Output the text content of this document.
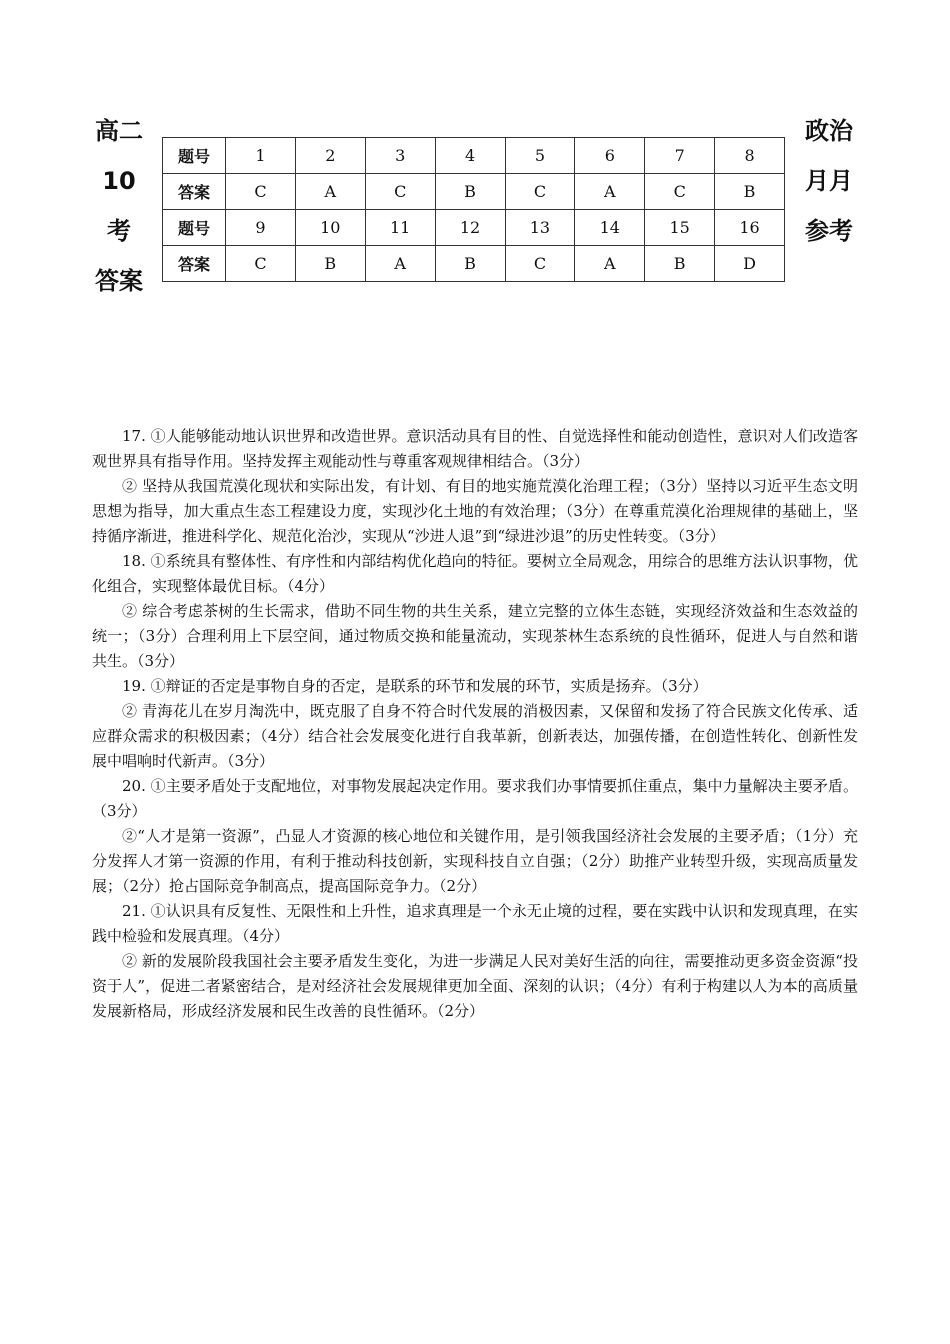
高二
10
考
答案
政治
月月
参考
题号	1	2	3	4	5	6	7	8
答案	C	A	C	B	C	A	C	B
题号	9	10	11	12	13	14	15	16
答案	C	B	A	B	C	A	B	D

17. ①人能够能动地认识世界和改造世界。意识活动具有目的性、自觉选择性和能动创造性，意识对人们改造客观世界具有指导作用。坚持发挥主观能动性与尊重客观规律相结合。（3分）

② 坚持从我国荒漠化现状和实际出发，有计划、有目的地实施荒漠化治理工程；（3分）坚持以习近平生态文明思想为指导，加大重点生态工程建设力度，实现沙化土地的有效治理；（3分）在尊重荒漠化治理规律的基础上，坚持循序渐进，推进科学化、规范化治沙，实现从“沙进人退”到“绿进沙退”的历史性转变。（3分）

18. ①系统具有整体性、有序性和内部结构优化趋向的特征。要树立全局观念，用综合的思维方法认识事物，优化组合，实现整体最优目标。（4分）

② 综合考虑茶树的生长需求，借助不同生物的共生关系，建立完整的立体生态链，实现经济效益和生态效益的统一；（3分）合理利用上下层空间，通过物质交换和能量流动，实现茶林生态系统的良性循环，促进人与自然和谐共生。（3分）

19. ①辩证的否定是事物自身的否定，是联系的环节和发展的环节，实质是扬弃。（3分）

② 青海花儿在岁月淘洗中，既克服了自身不符合时代发展的消极因素，又保留和发扬了符合民族文化传承、适应群众需求的积极因素；（4分）结合社会发展变化进行自我革新，创新表达，加强传播，在创造性转化、创新性发展中唱响时代新声。（3分）

20. ①主要矛盾处于支配地位，对事物发展起决定作用。要求我们办事情要抓住重点，集中力量解决主要矛盾。（3分）

②“人才是第一资源”，凸显人才资源的核心地位和关键作用，是引领我国经济社会发展的主要矛盾；（1分）充分发挥人才第一资源的作用，有利于推动科技创新，实现科技自立自强；（2分）助推产业转型升级，实现高质量发展；（2分）抢占国际竞争制高点，提高国际竞争力。（2分）

21. ①认识具有反复性、无限性和上升性，追求真理是一个永无止境的过程，要在实践中认识和发现真理，在实践中检验和发展真理。（4分）

② 新的发展阶段我国社会主要矛盾发生变化，为进一步满足人民对美好生活的向往，需要推动更多资金资源“投资于人”，促进二者紧密结合，是对经济社会发展规律更加全面、深刻的认识；（4分）有利于构建以人为本的高质量发展新格局，形成经济发展和民生改善的良性循环。（2分）
